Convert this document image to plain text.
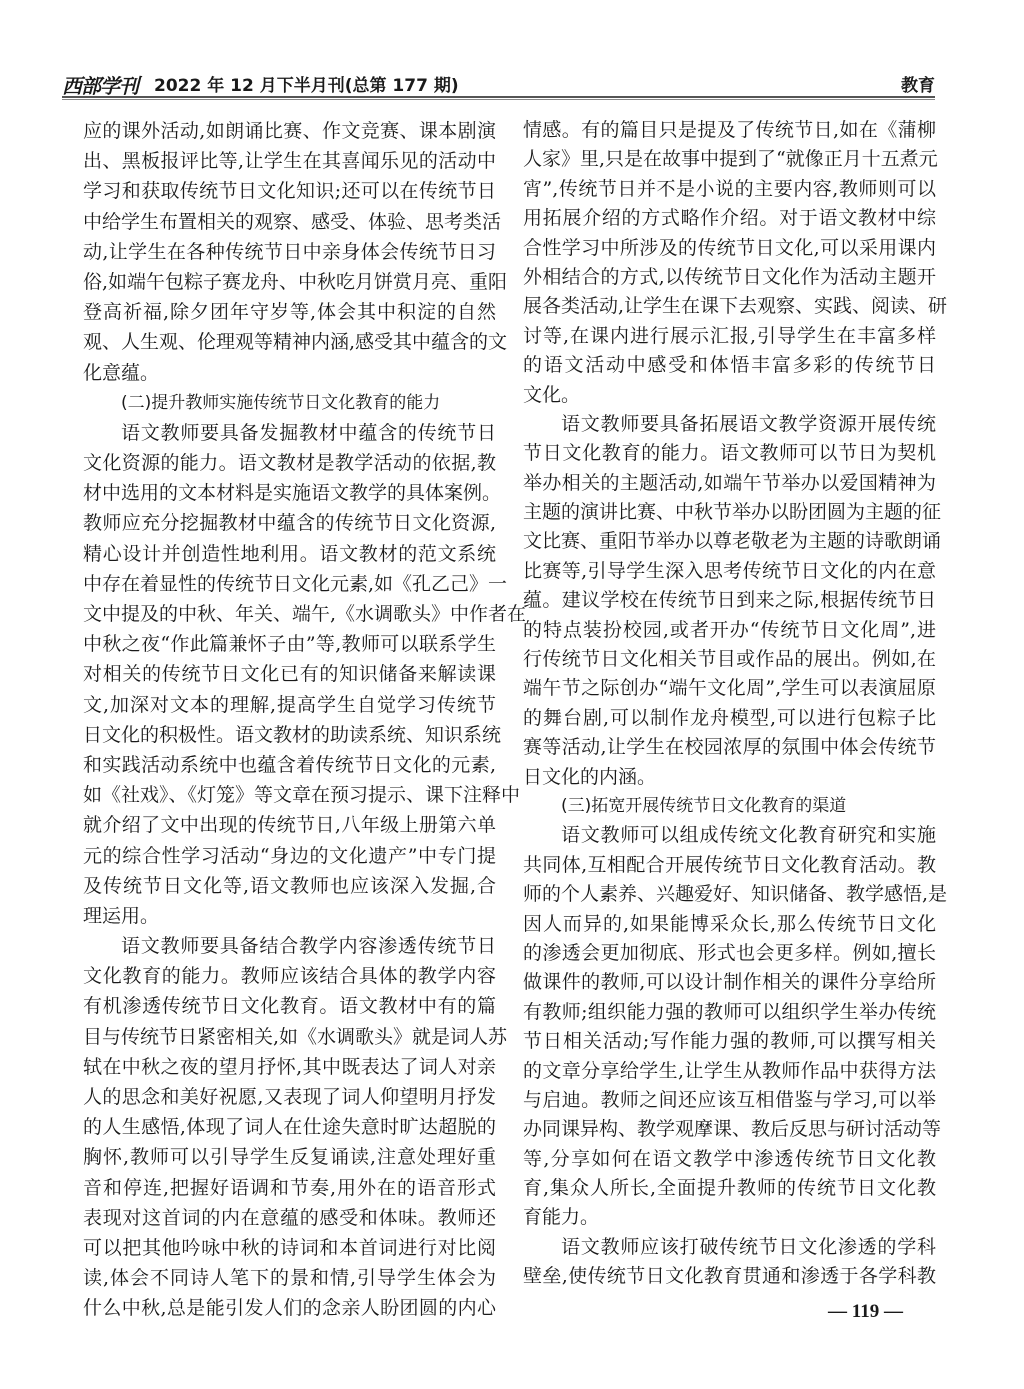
西部学刊 2022 年 12 月下半月刊(总第 177 期)	教育
应的课外活动,如朗诵比赛、作文竞赛、课本剧演
出、黑板报评比等,让学生在其喜闻乐见的活动中
学习和获取传统节日文化知识;还可以在传统节日
中给学生布置相关的观察、感受、体验、思考类活
动,让学生在各种传统节日中亲身体会传统节日习
俗,如端午包粽子赛龙舟、中秋吃月饼赏月亮、重阳
登高祈福,除夕团年守岁等,体会其中积淀的自然
观、人生观、伦理观等精神内涵,感受其中蕴含的文
化意蕴。
(二)提升教师实施传统节日文化教育的能力
语文教师要具备发掘教材中蕴含的传统节日
文化资源的能力。语文教材是教学活动的依据,教
材中选用的文本材料是实施语文教学的具体案例。
教师应充分挖掘教材中蕴含的传统节日文化资源,
精心设计并创造性地利用。语文教材的范文系统
中存在着显性的传统节日文化元素,如《孔乙己》一
文中提及的中秋、年关、端午,《水调歌头》中作者在
中秋之夜“作此篇兼怀子由”等,教师可以联系学生
对相关的传统节日文化已有的知识储备来解读课
文,加深对文本的理解,提高学生自觉学习传统节
日文化的积极性。语文教材的助读系统、知识系统
和实践活动系统中也蕴含着传统节日文化的元素,
如《社戏》、《灯笼》等文章在预习提示、课下注释中
就介绍了文中出现的传统节日,八年级上册第六单
元的综合性学习活动“身边的文化遗产”中专门提
及传统节日文化等,语文教师也应该深入发掘,合
理运用。
语文教师要具备结合教学内容渗透传统节日
文化教育的能力。教师应该结合具体的教学内容
有机渗透传统节日文化教育。语文教材中有的篇
目与传统节日紧密相关,如《水调歌头》就是词人苏
轼在中秋之夜的望月抒怀,其中既表达了词人对亲
人的思念和美好祝愿,又表现了词人仰望明月抒发
的人生感悟,体现了词人在仕途失意时旷达超脱的
胸怀,教师可以引导学生反复诵读,注意处理好重
音和停连,把握好语调和节奏,用外在的语音形式
表现对这首词的内在意蕴的感受和体味。教师还
可以把其他吟咏中秋的诗词和本首词进行对比阅
读,体会不同诗人笔下的景和情,引导学生体会为
什么中秋,总是能引发人们的念亲人盼团圆的内心
情感。有的篇目只是提及了传统节日,如在《蒲柳
人家》里,只是在故事中提到了“就像正月十五煮元
宵”,传统节日并不是小说的主要内容,教师则可以
用拓展介绍的方式略作介绍。对于语文教材中综
合性学习中所涉及的传统节日文化,可以采用课内
外相结合的方式,以传统节日文化作为活动主题开
展各类活动,让学生在课下去观察、实践、阅读、研
讨等,在课内进行展示汇报,引导学生在丰富多样
的语文活动中感受和体悟丰富多彩的传统节日
文化。
语文教师要具备拓展语文教学资源开展传统
节日文化教育的能力。语文教师可以节日为契机
举办相关的主题活动,如端午节举办以爱国精神为
主题的演讲比赛、中秋节举办以盼团圆为主题的征
文比赛、重阳节举办以尊老敬老为主题的诗歌朗诵
比赛等,引导学生深入思考传统节日文化的内在意
蕴。建议学校在传统节日到来之际,根据传统节日
的特点装扮校园,或者开办“传统节日文化周”,进
行传统节日文化相关节目或作品的展出。例如,在
端午节之际创办“端午文化周”,学生可以表演屈原
的舞台剧,可以制作龙舟模型,可以进行包粽子比
赛等活动,让学生在校园浓厚的氛围中体会传统节
日文化的内涵。
(三)拓宽开展传统节日文化教育的渠道
语文教师可以组成传统文化教育研究和实施
共同体,互相配合开展传统节日文化教育活动。教
师的个人素养、兴趣爱好、知识储备、教学感悟,是
因人而异的,如果能博采众长,那么传统节日文化
的渗透会更加彻底、形式也会更多样。例如,擅长
做课件的教师,可以设计制作相关的课件分享给所
有教师;组织能力强的教师可以组织学生举办传统
节日相关活动;写作能力强的教师,可以撰写相关
的文章分享给学生,让学生从教师作品中获得方法
与启迪。教师之间还应该互相借鉴与学习,可以举
办同课异构、教学观摩课、教后反思与研讨活动等
等,分享如何在语文教学中渗透传统节日文化教
育,集众人所长,全面提升教师的传统节日文化教
育能力。
语文教师应该打破传统节日文化渗透的学科
壁垒,使传统节日文化教育贯通和渗透于各学科教
— 119 —
